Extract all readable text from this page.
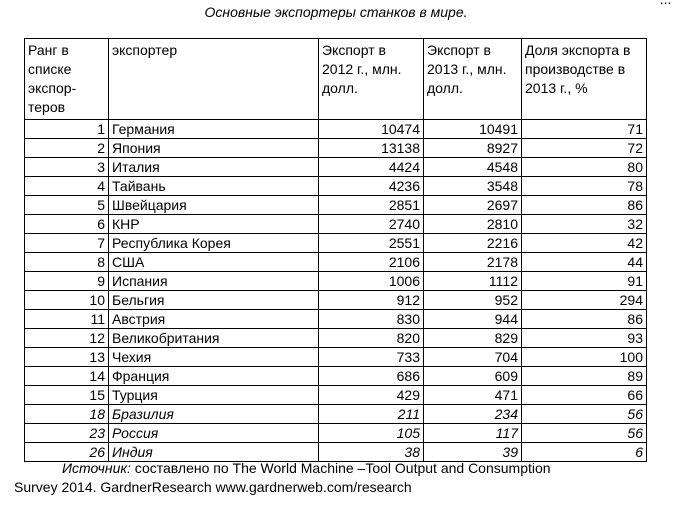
Основные экспортеры станков в мире.
Ранг в списке экспор-теров	экспортер	Экспорт в 2012 г., млн. долл.	Экспорт в 2013 г., млн. долл.	Доля экспорта в производстве в 2013 г., %
1	Германия	10474	10491	71
2	Япония	13138	8927	72
3	Италия	4424	4548	80
4	Тайвань	4236	3548	78
5	Швейцария	2851	2697	86
6	КНР	2740	2810	32
7	Республика Корея	2551	2216	42
8	США	2106	2178	44
9	Испания	1006	1112	91
10	Бельгия	912	952	294
11	Австрия	830	944	86
12	Великобритания	820	829	93
13	Чехия	733	704	100
14	Франция	686	609	89
15	Турция	429	471	66
18	Бразилия	211	234	56
23	Россия	105	117	56
26	Индия	38	39	6
Источник: составлено по The World Machine –Tool Output and Consumption
Survey 2014. GardnerResearch www.gardnerweb.com/research
